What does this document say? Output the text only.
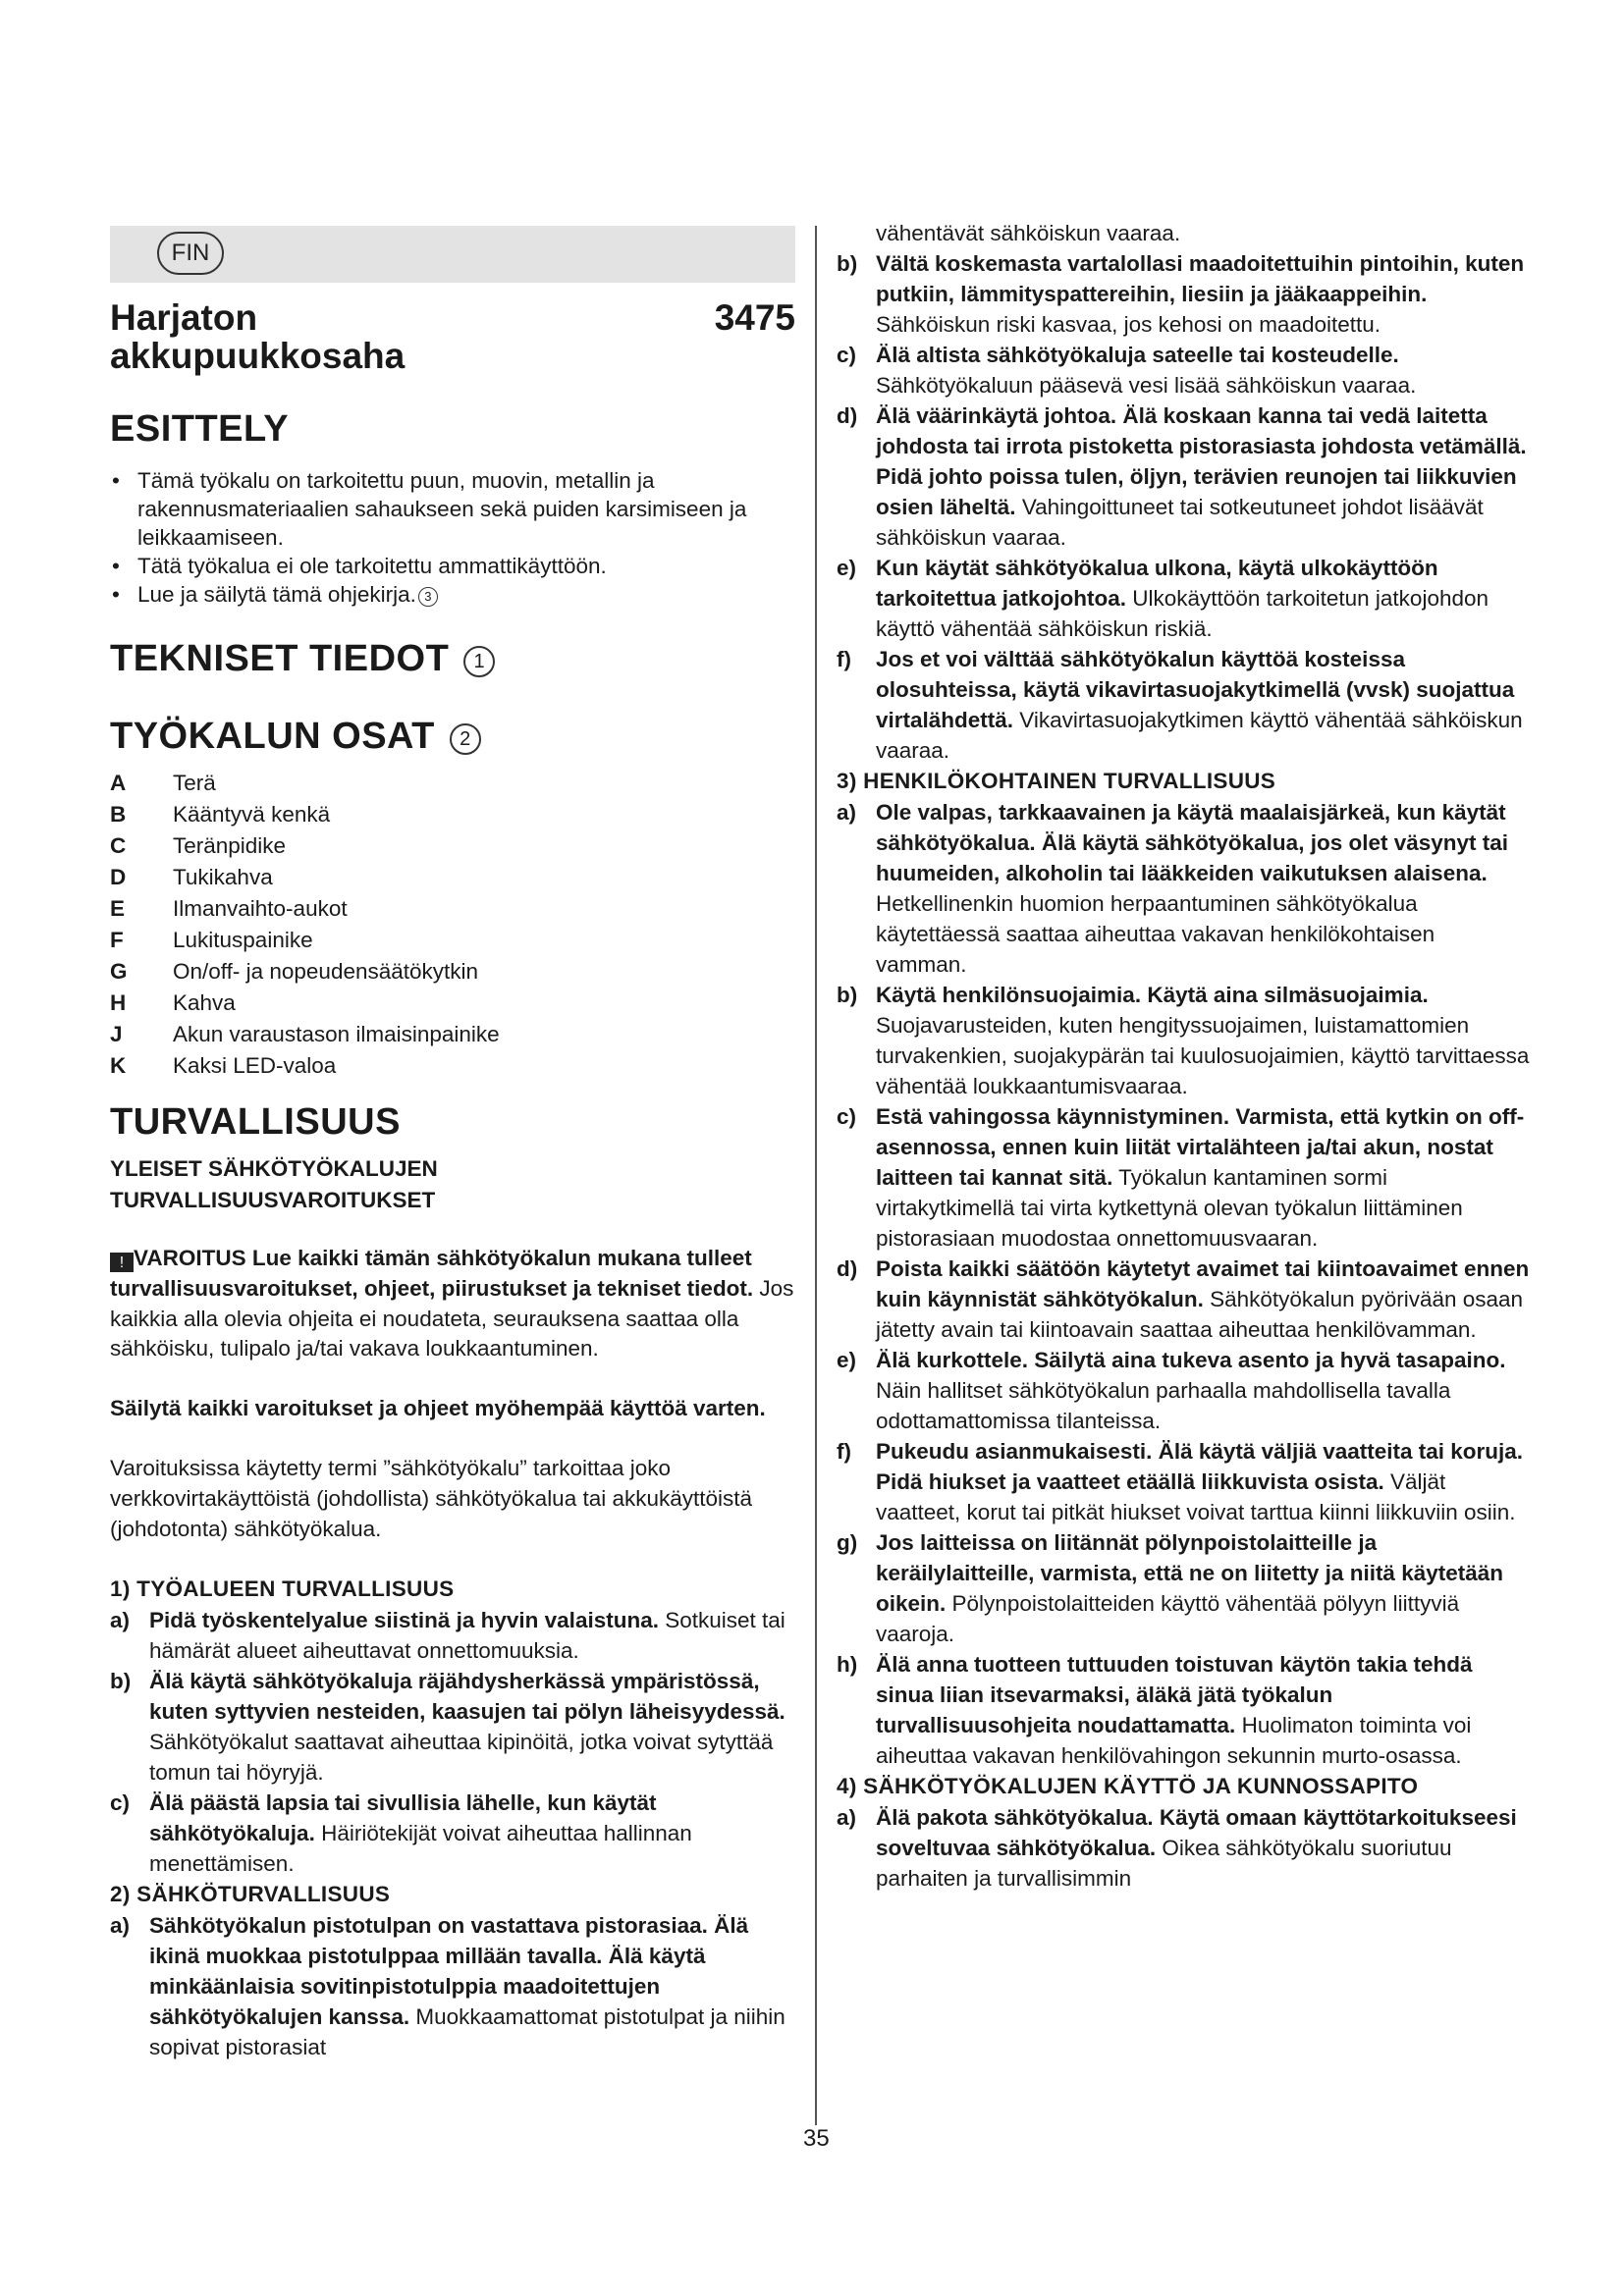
FIN
Harjaton
akkupuukkosaha
3475
ESITTELY
• Tämä työkalu on tarkoitettu puun, muovin, metallin ja rakennusmateriaalien sahaukseen sekä puiden karsimiseen ja leikkaamiseen.
• Tätä työkalua ei ole tarkoitettu ammattikäyttöön.
• Lue ja säilytä tämä ohjekirja. 3
TEKNISET TIEDOT 1
TYÖKALUN OSAT 2
A	Terä
B	Kääntyvä kenkä
C	Teränpidike
D	Tukikahva
E	Ilmanvaihto-aukot
F	Lukituspainike
G	On/off- ja nopeudensäätökytkin
H	Kahva
J	Akun varaustason ilmaisinpainike
K	Kaksi LED-valoa
TURVALLISUUS
YLEISET SÄHKÖTYÖKALUJEN
TURVALLISUUSVAROITUKSET
! VAROITUS Lue kaikki tämän sähkötyökalun mukana tulleet turvallisuusvaroitukset, ohjeet, piirustukset ja tekniset tiedot. Jos kaikkia alla olevia ohjeita ei noudateta, seurauksena saattaa olla sähköisku, tulipalo ja/tai vakava loukkaantuminen.
Säilytä kaikki varoitukset ja ohjeet myöhempää käyttöä varten.
Varoituksissa käytetty termi ”sähkötyökalu” tarkoittaa joko verkkovirtakäyttöistä (johdollista) sähkötyökalua tai akkukäyttöistä (johdotonta) sähkötyökalua.
1) TYÖALUEEN TURVALLISUUS
a) Pidä työskentelyalue siistinä ja hyvin valaistuna. Sotkuiset tai hämärät alueet aiheuttavat onnettomuuksia.
b) Älä käytä sähkötyökaluja räjähdysherkässä ympäristössä, kuten syttyvien nesteiden, kaasujen tai pölyn läheisyydessä. Sähkötyökalut saattavat aiheuttaa kipinöitä, jotka voivat sytyttää tomun tai höyryjä.
c) Älä päästä lapsia tai sivullisia lähelle, kun käytät sähkötyökaluja. Häiriötekijät voivat aiheuttaa hallinnan menettämisen.
2) SÄHKÖTURVALLISUUS
a) Sähkötyökalun pistotulpan on vastattava pistorasiaa. Älä ikinä muokkaa pistotulppaa millään tavalla. Älä käytä minkäänlaisia sovitinpistotulppia maadoitettujen sähkötyökalujen kanssa. Muokkaamattomat pistotulpat ja niihin sopivat pistorasiat
vähentävät sähköiskun vaaraa.
b) Vältä koskemasta vartalollasi maadoitettuihin pintoihin, kuten putkiin, lämmityspattereihin, liesiin ja jääkaappeihin. Sähköiskun riski kasvaa, jos kehosi on maadoitettu.
c) Älä altista sähkötyökaluja sateelle tai kosteudelle. Sähkötyökaluun pääsevä vesi lisää sähköiskun vaaraa.
d) Älä väärinkäytä johtoa. Älä koskaan kanna tai vedä laitetta johdosta tai irrota pistoketta pistorasiasta johdosta vetämällä. Pidä johto poissa tulen, öljyn, terävien reunojen tai liikkuvien osien läheltä. Vahingoittuneet tai sotkeutuneet johdot lisäävät sähköiskun vaaraa.
e) Kun käytät sähkötyökalua ulkona, käytä ulkokäyttöön tarkoitettua jatkojohtoa. Ulkokäyttöön tarkoitetun jatkojohdon käyttö vähentää sähköiskun riskiä.
f)	Jos et voi välttää sähkötyökalun käyttöä kosteissa olosuhteissa, käytä vikavirtasuojakytkimellä (vvsk) suojattua virtalähdettä. Vikavirtasuojakytkimen käyttö vähentää sähköiskun vaaraa.
3) HENKILÖKOHTAINEN TURVALLISUUS
a) Ole valpas, tarkkaavainen ja käytä maalaisjärkeä, kun käytät sähkötyökalua. Älä käytä sähkötyökalua, jos olet väsynyt tai huumeiden, alkoholin tai lääkkeiden vaikutuksen alaisena. Hetkellinenkin huomion herpaantuminen sähkötyökalua käytettäessä saattaa aiheuttaa vakavan henkilökohtaisen vamman.
b) Käytä henkilönsuojaimia. Käytä aina silmäsuojaimia. Suojavarusteiden, kuten hengityssuojaimen, luistamattomien turvakenkien, suojakypärän tai kuulosuojaimien, käyttö tarvittaessa vähentää loukkaantumisvaaraa.
c) Estä vahingossa käynnistyminen. Varmista, että kytkin on off-asennossa, ennen kuin liität virtalähteen ja/tai akun, nostat laitteen tai kannat sitä. Työkalun kantaminen sormi virtakytkimellä tai virta kytkettynä olevan työkalun liittäminen pistorasiaan muodostaa onnettomuusvaaran.
d) Poista kaikki säätöön käytetyt avaimet tai kiintoavaimet ennen kuin käynnistät sähkötyökalun. Sähkötyökalun pyörivään osaan jätetty avain tai kiintoavain saattaa aiheuttaa henkilövamman.
e) Älä kurkottele. Säilytä aina tukeva asento ja hyvä tasapaino. Näin hallitset sähkötyökalun parhaalla mahdollisella tavalla odottamattomissa tilanteissa.
f)	Pukeudu asianmukaisesti. Älä käytä väljiä vaatteita tai koruja. Pidä hiukset ja vaatteet etäällä liikkuvista osista. Väljät vaatteet, korut tai pitkät hiukset voivat tarttua kiinni liikkuviin osiin.
g) Jos laitteissa on liitännät pölynpoistolaitteille ja keräilylaitteille, varmista, että ne on liitetty ja niitä käytetään oikein. Pölynpoistolaitteiden käyttö vähentää pölyyn liittyviä vaaroja.
h) Älä anna tuotteen tuttuuden toistuvan käytön takia tehdä sinua liian itsevarmaksi, äläkä jätä työkalun turvallisuusohjeita noudattamatta. Huolimaton toiminta voi aiheuttaa vakavan henkilövahingon sekunnin murto-osassa.
4) SÄHKÖTYÖKALUJEN KÄYTTÖ JA KUNNOSSAPITO
a) Älä pakota sähkötyökalua. Käytä omaan käyttötarkoitukseesi soveltuvaa sähkötyökalua. Oikea sähkötyökalu suoriutuu parhaiten ja turvallisimmin
35
